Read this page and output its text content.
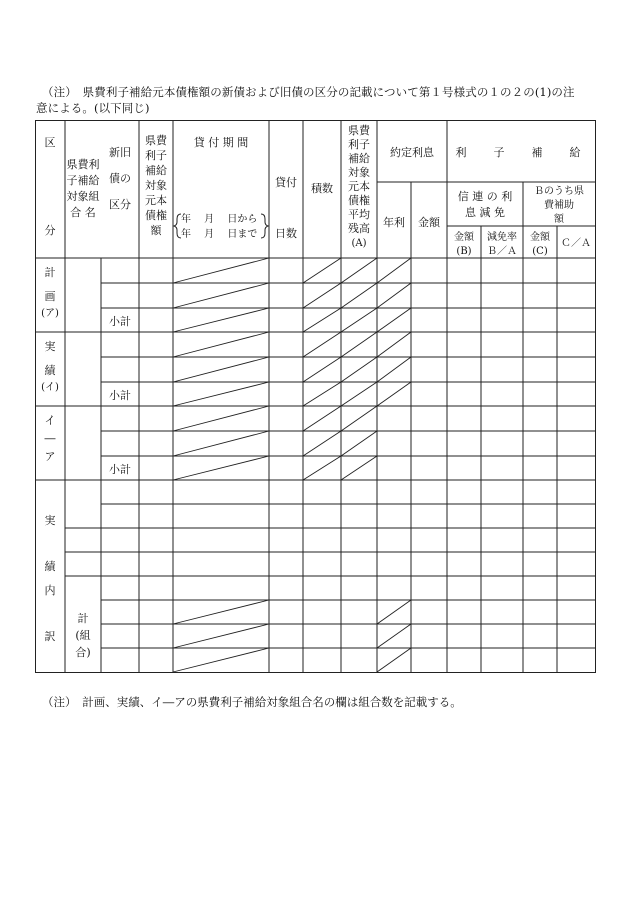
（注）　県費利子補給元本債権額の新債および旧債の区分の記載について第１号様式の１の２の(1)の注
意による。(以下同じ)
区
分
県費利
子補給
対象組
合 名
新旧
債の
区分
県費
利子
補給
対象
元本
債権
額
貸 付 期 間
年　 月　 日から
年　 月　 日まで
貸付
日数
積数
県費
利子
補給
対象
元本
債権
平均
残高
(A)
約定利息
年利 金額
利 子 補 給
信 連 の 利
息 減 免
Ｂのうち県
費補助
額
金額
(B)
減免率
Ｂ／Ａ
金額
(C)
Ｃ／Ａ
計
画
(ア)
実
績
(イ)
イ
―
ア
実
績
内
訳
小計
小計
小計
計
(組
合)
（注）　計画、実績、イ―アの県費利子補給対象組合名の欄は組合数を記載する。
